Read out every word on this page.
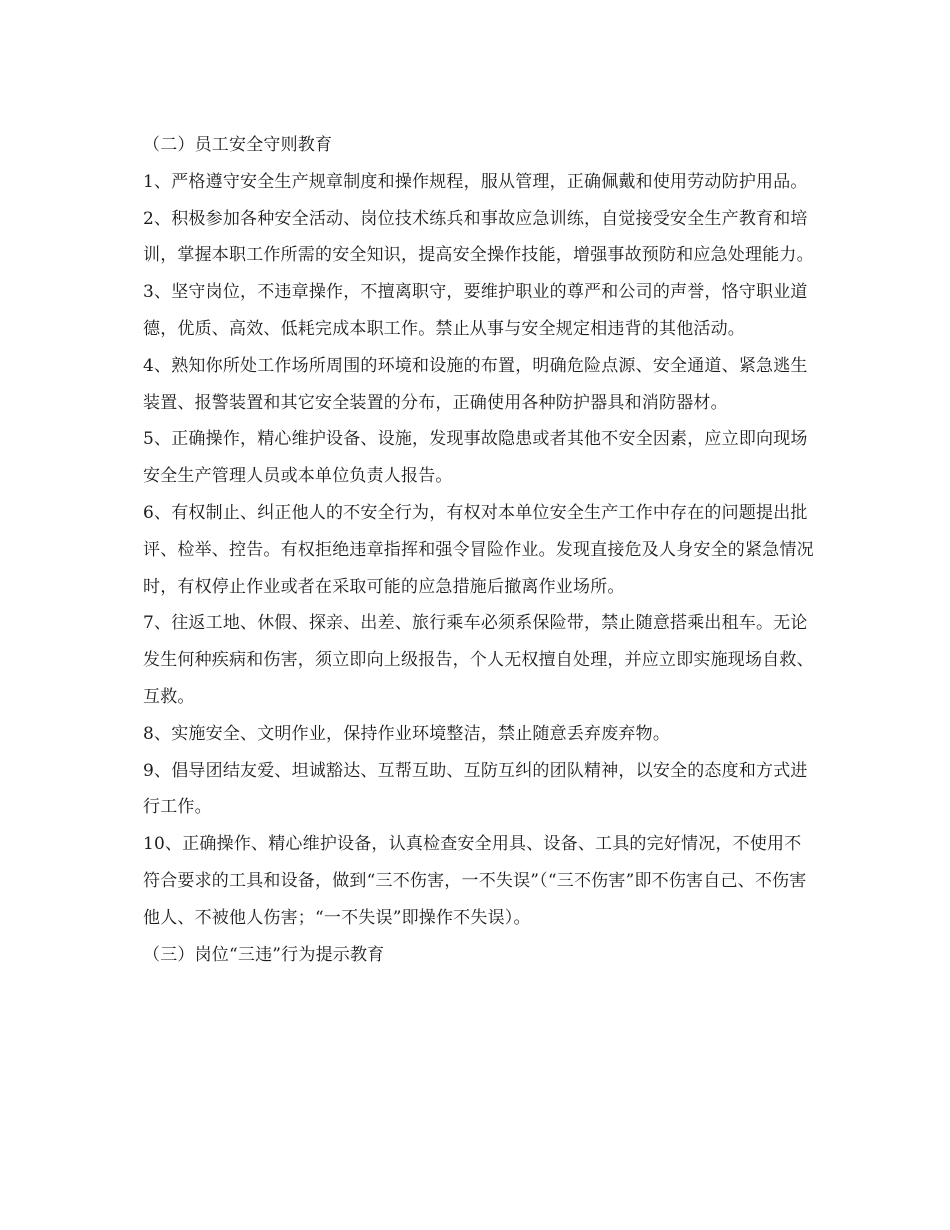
（二）员工安全守则教育

1、严格遵守安全生产规章制度和操作规程，服从管理，正确佩戴和使用劳动防护用品。

2、积极参加各种安全活动、岗位技术练兵和事故应急训练，自觉接受安全生产教育和培训，掌握本职工作所需的安全知识，提高安全操作技能，增强事故预防和应急处理能力。

3、坚守岗位，不违章操作，不擅离职守，要维护职业的尊严和公司的声誉，恪守职业道德，优质、高效、低耗完成本职工作。禁止从事与安全规定相违背的其他活动。

4、熟知你所处工作场所周围的环境和设施的布置，明确危险点源、安全通道、紧急逃生装置、报警装置和其它安全装置的分布，正确使用各种防护器具和消防器材。

5、正确操作，精心维护设备、设施，发现事故隐患或者其他不安全因素，应立即向现场安全生产管理人员或本单位负责人报告。

6、有权制止、纠正他人的不安全行为，有权对本单位安全生产工作中存在的问题提出批评、检举、控告。有权拒绝违章指挥和强令冒险作业。发现直接危及人身安全的紧急情况时，有权停止作业或者在采取可能的应急措施后撤离作业场所。

7、往返工地、休假、探亲、出差、旅行乘车必须系保险带，禁止随意搭乘出租车。无论发生何种疾病和伤害，须立即向上级报告，个人无权擅自处理，并应立即实施现场自救、互救。

8、实施安全、文明作业，保持作业环境整洁，禁止随意丢弃废弃物。

9、倡导团结友爱、坦诚豁达、互帮互助、互防互纠的团队精神，以安全的态度和方式进行工作。

10、正确操作、精心维护设备，认真检查安全用具、设备、工具的完好情况，不使用不符合要求的工具和设备，做到“三不伤害，一不失误”（“三不伤害”即不伤害自己、不伤害他人、不被他人伤害；“一不失误”即操作不失误）。

（三）岗位“三违”行为提示教育
